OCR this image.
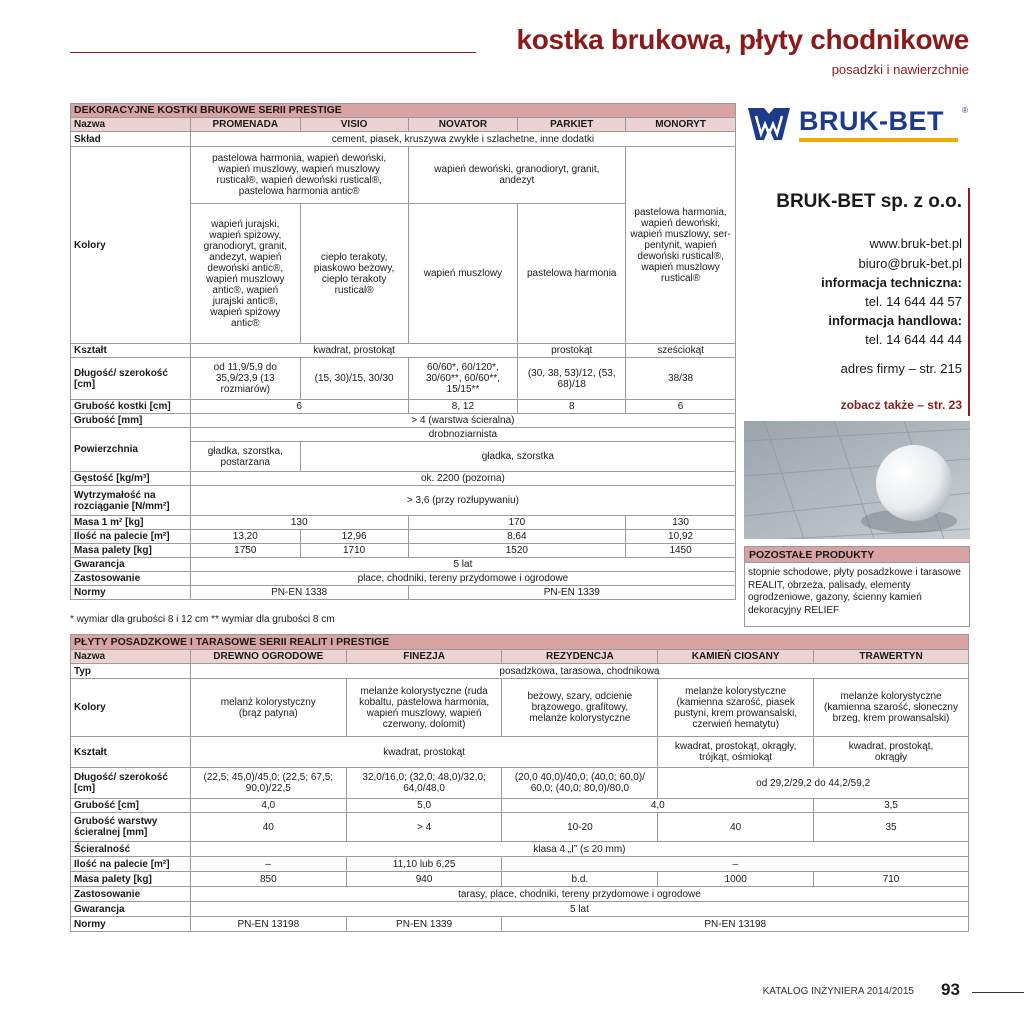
kostka brukowa, płyty chodnikowe
posadzki i nawierzchnie
DEKORACYJNE KOSTKI BRUKOWE SERII PRESTIGE					
Nazwa	PROMENADA	VISIO	NOVATOR	PARKIET	MONORYT
Skład	cement, piasek, kruszywa zwykłe i szlachetne, inne dodatki				
Kolory	pastelowa harmonia, wapień dewoński, wapień muszlowy, wapień muszlowy rustical®, wapień dewoński rustical®, pastelowa harmonia antic®		wapień dewoński, granodioryt, granit, andezyt		pastelowa harmonia, wapień dewoński, wapień muszlowy, ser-pentynit, wapień dewoński rustical®, wapień muszlowy rustical®
	wapień jurajski, wapień spiżowy, granodioryt, granit, andezyt, wapień dewoński antic®, wapień muszlowy antic®, wapień jurajski antic®, wapień spiżowy antic®	ciepło terakoty, piaskowo beżowy, ciepło terakoty rustical®	wapień muszlowy	pastelowa harmonia	
Kształt	kwadrat, prostokąt			prostokąt	sześciokąt
Długość/ szerokość [cm]	od 11,9/5,9 do 35,9/23,9 (13 rozmiarów)	(15, 30)/15, 30/30	60/60*, 60/120*, 30/60**, 60/60**, 15/15**	(30, 38, 53)/12, (53, 68)/18	38/38
Grubość kostki [cm]	6		8, 12	8	6
Grubość [mm]	> 4 (warstwa ścieralna)				
Powierzchnia	drobnoziarnista				
	gładka, szorstka, postarzana	gładka, szorstka			
Gęstość [kg/m³]	ok. 2200 (pozorna)				
Wytrzymałość na rozciąganie [N/mm²]	> 3,6 (przy rozłupywaniu)				
Masa 1 m² [kg]	130		170		130
Ilość na palecie [m²]	13,20	12,96	8,64		10,92
Masa palety [kg]	1750	1710	1520		1450
Gwarancja	5 lat				
Zastosowanie	place, chodniki, tereny przydomowe i ogrodowe				
Normy	PN-EN 1338		PN-EN 1339		
* wymiar dla grubości 8 i 12 cm ** wymiar dla grubości 8 cm
BRUK-BET ®
BRUK-BET sp. z o.o.
www.bruk-bet.pl
biuro@bruk-bet.pl
informacja techniczna:
tel. 14 644 44 57
informacja handlowa:
tel. 14 644 44 44
adres firmy – str. 215
zobacz także – str. 23
POZOSTAŁE PRODUKTY
stopnie schodowe, płyty posadzkowe i tarasowe REALIT, obrzeża, palisady, elementy ogrodzeniowe, gazony, ścienny kamień dekoracyjny RELIEF
PŁYTY POSADZKOWE I TARASOWE SERII REALIT I PRESTIGE					
Nazwa	DREWNO OGRODOWE	FINEZJA	REZYDENCJA	KAMIEŃ CIOSANY	TRAWERTYN
Typ	posadzkowa, tarasowa, chodnikowa				
Kolory	melanż kolorystyczny (brąz patyna)	melanże kolorystyczne (ruda kobaltu, pastelowa harmonia, wapień muszlowy, wapień czerwony, dolomit)	beżowy, szary, odcienie brązowego, grafitowy, melanże kolorystyczne	melanże kolorystyczne (kamienna szarość, piasek pustyni, krem prowansalski, czerwień hematytu)	melanże kolorystyczne (kamienna szarość, słoneczny brzeg, krem prowansalski)
Kształt	kwadrat, prostokąt			kwadrat, prostokąt, okrągły, trójkąt, ośmiokąt	kwadrat, prostokąt, okrągły
Długość/ szerokość [cm]	(22,5; 45,0)/45,0; (22,5; 67,5; 90,0)/22,5	32,0/16,0; (32,0; 48,0)/32,0; 64,0/48,0	(20,0 40,0)/40,0; (40,0; 60,0)/ 60,0; (40,0; 80,0)/80,0	od 29,2/29,2 do 44,2/59,2	
Grubość [cm]	4,0	5,0	4,0		3,5
Grubość warstwy ścieralnej [mm]	40	> 4	10-20	40	35
Ścieralność	klasa 4 „I” (≤ 20 mm)				
Ilość na palecie [m²]	–	11,10 lub 6,25	–		
Masa palety [kg]	850	940	b.d.	1000	710
Zastosowanie	tarasy, place, chodniki, tereny przydomowe i ogrodowe				
Gwarancja	5 lat				
Normy	PN-EN 13198	PN-EN 1339	PN-EN 13198		
KATALOG INŻYNIERA 2014/2015 93
